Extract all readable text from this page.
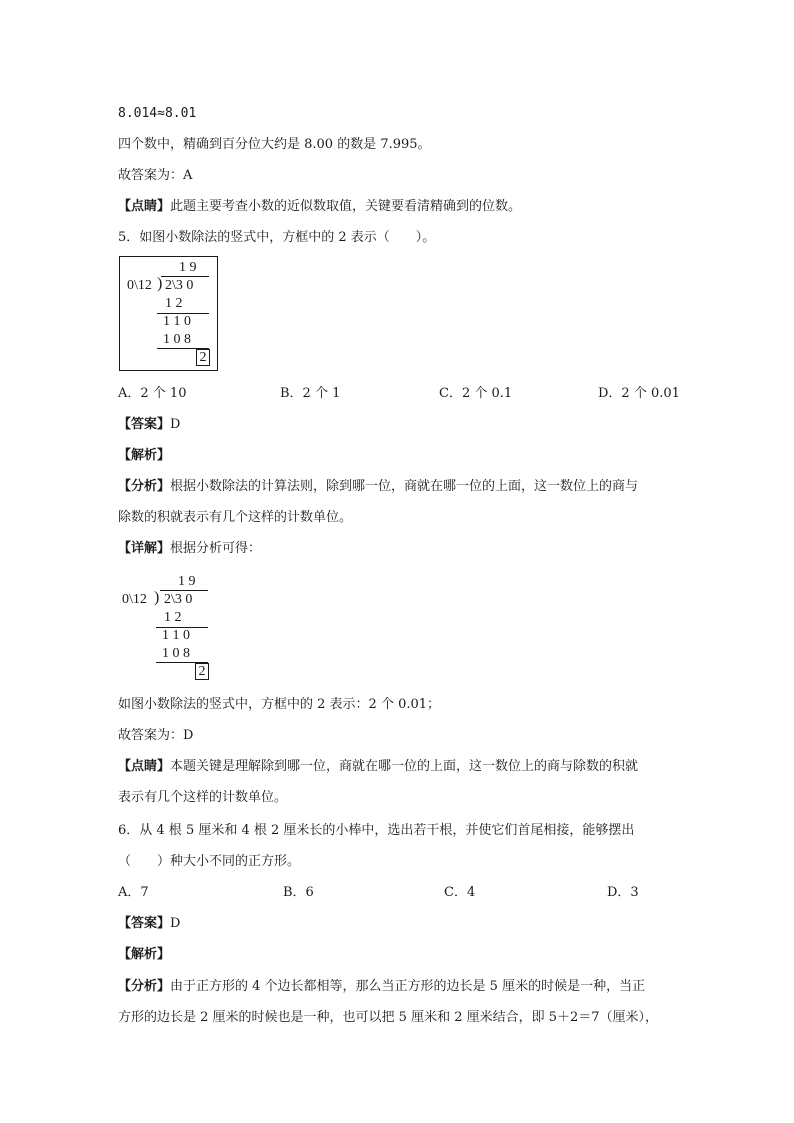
8.014≈8.01
四个数中，精确到百分位大约是 8.00 的数是 7.995。
故答案为：A
【点睛】此题主要考查小数的近似数取值，关键要看清精确到的位数。
5．如图小数除法的竖式中，方框中的 2 表示（　　）。
1 9
0\12 ) 2\3 0
1 2
1 1 0
1 0 8
2
A．2 个 10	B．2 个 1	C．2 个 0.1	D．2 个 0.01
【答案】D
【解析】
【分析】根据小数除法的计算法则，除到哪一位，商就在哪一位的上面，这一数位上的商与
除数的积就表示有几个这样的计数单位。
【详解】根据分析可得：
1 9
0\12 ) 2\3 0
1 2
1 1 0
1 0 8
2
如图小数除法的竖式中，方框中的 2 表示：2 个 0.01；
故答案为：D
【点睛】本题关键是理解除到哪一位，商就在哪一位的上面，这一数位上的商与除数的积就
表示有几个这样的计数单位。
6．从 4 根 5 厘米和 4 根 2 厘米长的小棒中，选出若干根，并使它们首尾相接，能够摆出
（　　）种大小不同的正方形。
A．7	B．6	C．4	D．3
【答案】D
【解析】
【分析】由于正方形的 4 个边长都相等，那么当正方形的边长是 5 厘米的时候是一种，当正
方形的边长是 2 厘米的时候也是一种，也可以把 5 厘米和 2 厘米结合，即 5＋2＝7（厘米），
